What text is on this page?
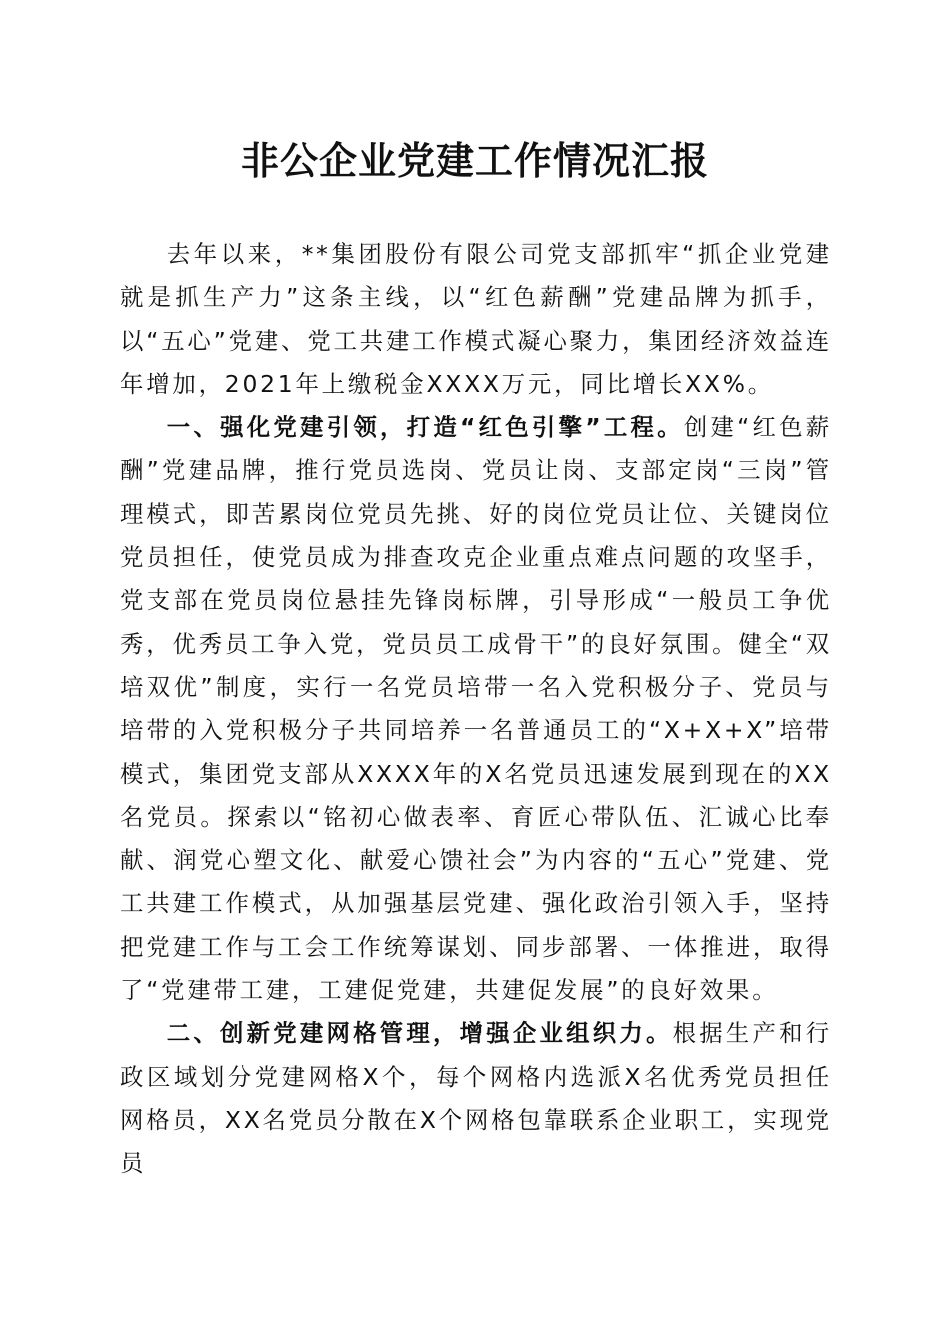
非公企业党建工作情况汇报

去年以来，**集团股份有限公司党支部抓牢“抓企业党建就是抓生产力”这条主线，以“红色薪酬”党建品牌为抓手，以“五心”党建、党工共建工作模式凝心聚力，集团经济效益连年增加，2021年上缴税金XXXX万元，同比增长XX%。

一、强化党建引领，打造“红色引擎”工程。创建“红色薪酬”党建品牌，推行党员选岗、党员让岗、支部定岗“三岗”管理模式，即苦累岗位党员先挑、好的岗位党员让位、关键岗位党员担任，使党员成为排查攻克企业重点难点问题的攻坚手，党支部在党员岗位悬挂先锋岗标牌，引导形成“一般员工争优秀，优秀员工争入党，党员员工成骨干”的良好氛围。健全“双培双优”制度，实行一名党员培带一名入党积极分子、党员与培带的入党积极分子共同培养一名普通员工的“X+X+X”培带模式，集团党支部从XXXX年的X名党员迅速发展到现在的XX名党员。探索以“铭初心做表率、育匠心带队伍、汇诚心比奉献、润党心塑文化、献爱心馈社会”为内容的“五心”党建、党工共建工作模式，从加强基层党建、强化政治引领入手，坚持把党建工作与工会工作统筹谋划、同步部署、一体推进，取得了“党建带工建，工建促党建，共建促发展”的良好效果。

二、创新党建网格管理，增强企业组织力。根据生产和行政区域划分党建网格X个，每个网格内选派X名优秀党员担任网格员，XX名党员分散在X个网格包靠联系企业职工，实现党员
